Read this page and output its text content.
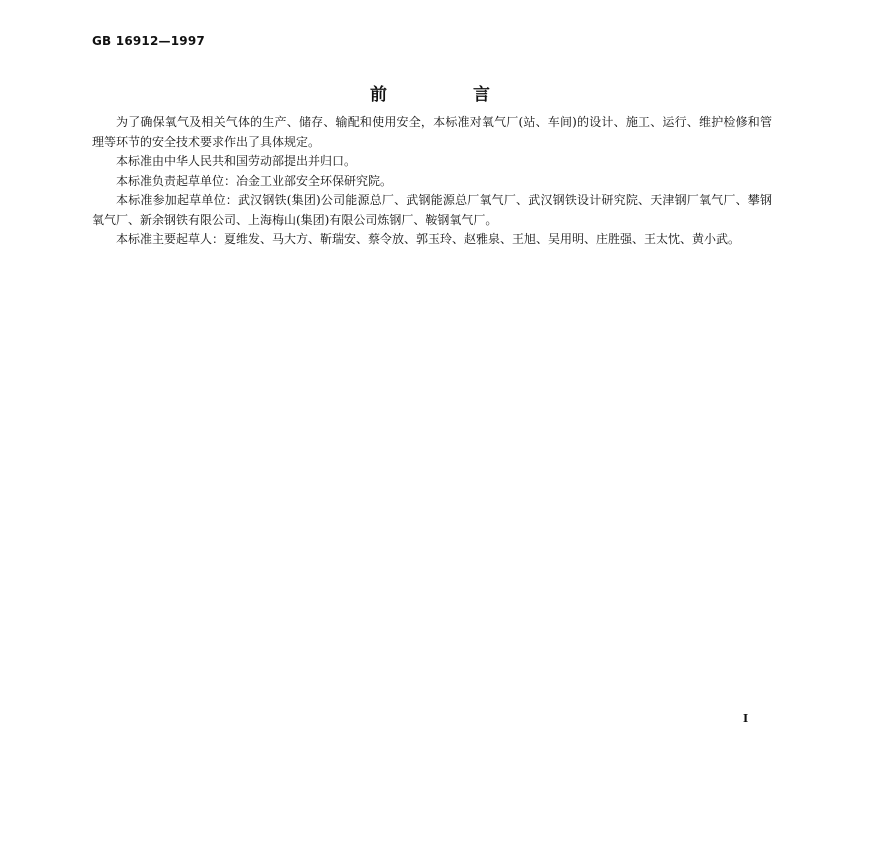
GB 16912—1997
前	言

为了确保氧气及相关气体的生产、储存、输配和使用安全，本标准对氧气厂(站、车间)的设计、施工、运行、维护检修和管理等环节的安全技术要求作出了具体规定。

本标准由中华人民共和国劳动部提出并归口。

本标准负责起草单位：冶金工业部安全环保研究院。

本标准参加起草单位：武汉钢铁(集团)公司能源总厂、武钢能源总厂氧气厂、武汉钢铁设计研究院、天津钢厂氧气厂、攀钢氧气厂、新余钢铁有限公司、上海梅山(集团)有限公司炼钢厂、鞍钢氧气厂。

本标准主要起草人：夏维发、马大方、靳瑞安、蔡令放、郭玉玲、赵雅泉、王旭、吴用明、庄胜强、王太忱、黄小武。

I
